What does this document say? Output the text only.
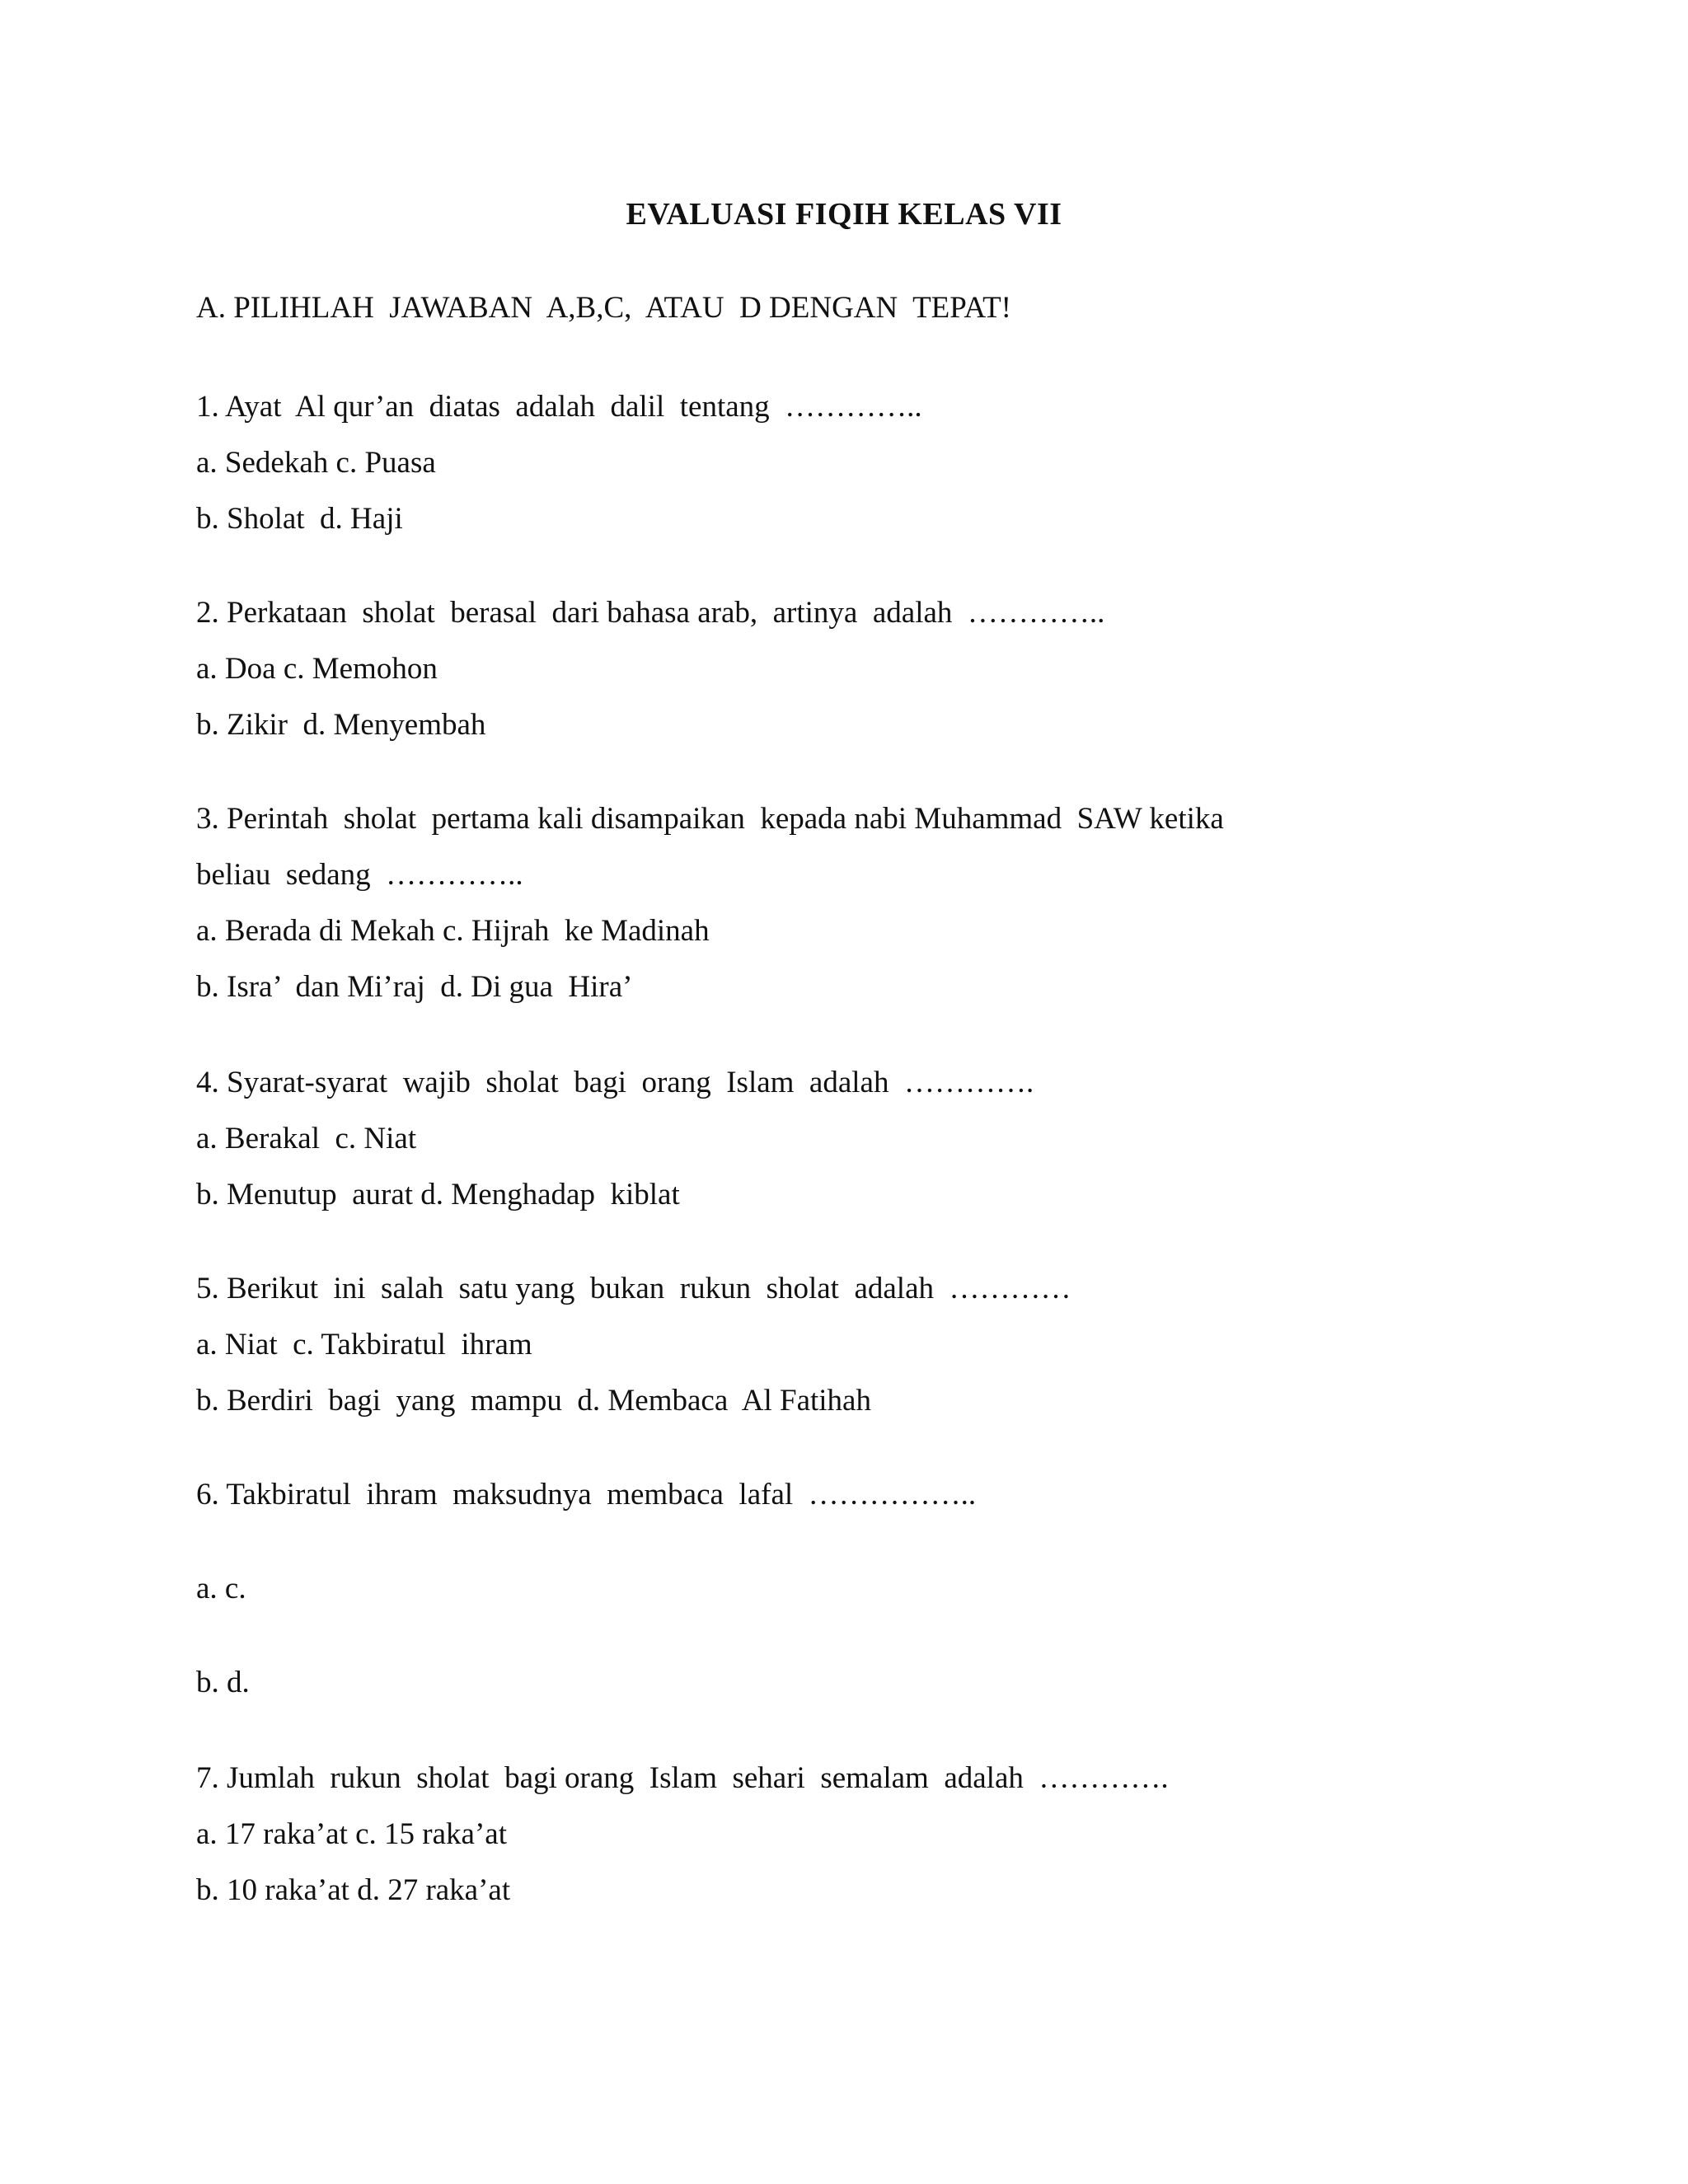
EVALUASI FIQIH KELAS VII

A. PILIHLAH  JAWABAN  A,B,C,  ATAU  D DENGAN  TEPAT!

1. Ayat  Al qur’an  diatas  adalah  dalil  tentang  …………..

a. Sedekah c. Puasa

b. Sholat  d. Haji

2. Perkataan  sholat  berasal  dari bahasa arab,  artinya  adalah  …………..

a. Doa c. Memohon

b. Zikir  d. Menyembah

3. Perintah  sholat  pertama kali disampaikan  kepada nabi Muhammad  SAW ketika

beliau  sedang  …………..

a. Berada di Mekah c. Hijrah  ke Madinah

b. Isra’  dan Mi’raj  d. Di gua  Hira’

4. Syarat-syarat  wajib  sholat  bagi  orang  Islam  adalah  ………….

a. Berakal  c. Niat

b. Menutup  aurat d. Menghadap  kiblat

5. Berikut  ini  salah  satu yang  bukan  rukun  sholat  adalah  …………

a. Niat  c. Takbiratul  ihram

b. Berdiri  bagi  yang  mampu  d. Membaca  Al Fatihah

6. Takbiratul  ihram  maksudnya  membaca  lafal  ……………..

a. c.

b. d.

7. Jumlah  rukun  sholat  bagi orang  Islam  sehari  semalam  adalah  ………….

a. 17 raka’at c. 15 raka’at

b. 10 raka’at d. 27 raka’at
